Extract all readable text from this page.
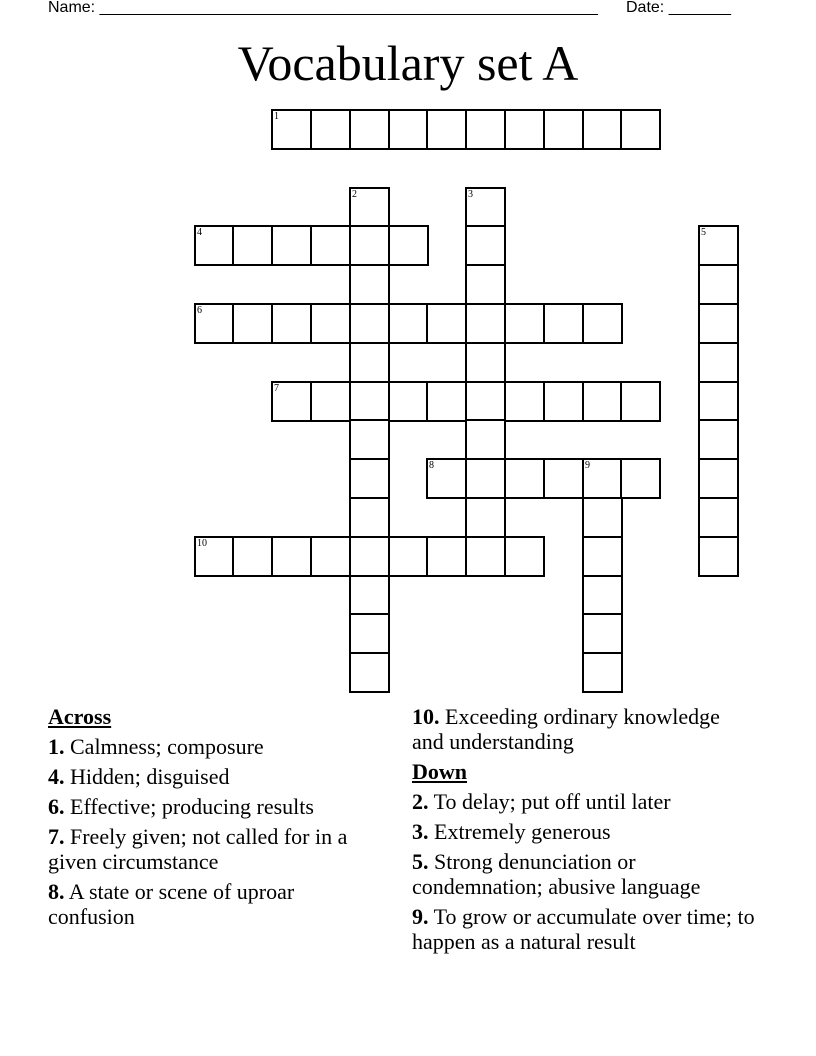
Name: ________________________________________________________ Date: _______
Vocabulary set A
1
2	3
4	5
6
7
8	9
10
Across
1. Calmness; composure
4. Hidden; disguised
6. Effective; producing results
7. Freely given; not called for in a given circumstance
8. A state or scene of uproar confusion
10. Exceeding ordinary knowledge and understanding
Down
2. To delay; put off until later
3. Extremely generous
5. Strong denunciation or condemnation; abusive language
9. To grow or accumulate over time; to happen as a natural result
